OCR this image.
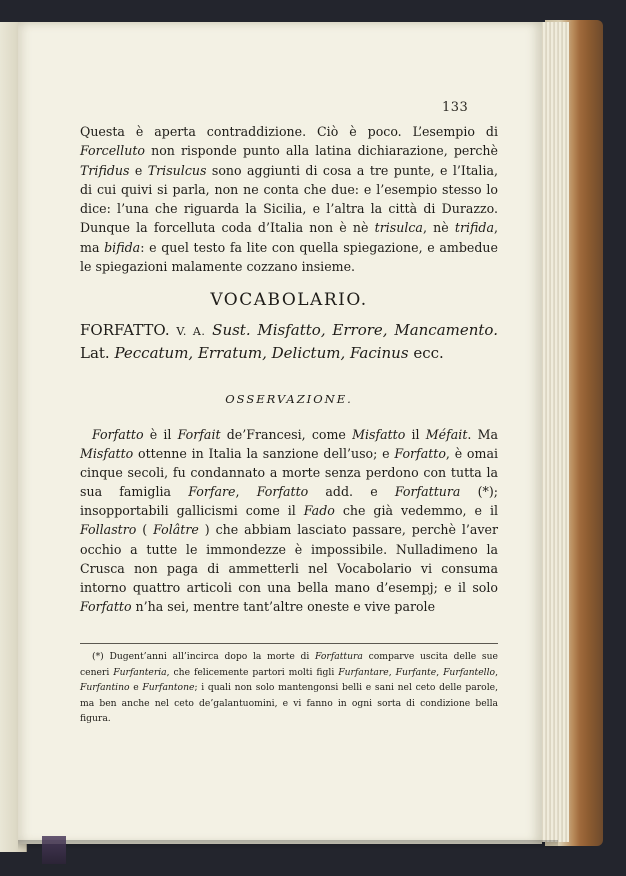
133

Questa è aperta contraddizione. Ciò è poco. L’esempio di Forcelluto non risponde punto alla latina dichiarazione, perchè Trifidus e Trisulcus sono aggiunti di cosa a tre punte, e l’Italia, di cui quivi si parla, non ne conta che due: e l’esempio stesso lo dice: l’una che riguarda la Sicilia, e l’altra la città di Durazzo. Dunque la forcelluta coda d’Italia non è nè trisulca, nè trifida, ma bifida: e quel testo fa lite con quella spiegazione, e ambedue le spiegazioni malamente cozzano insieme.

VOCABOLARIO.

FORFATTO. V. A. Sust. Misfatto, Errore, Mancamento. Lat. Peccatum, Erratum, Delictum, Facinus ecc.

OSSERVAZIONE.

Forfatto è il Forfait de’Francesi, come Misfatto il Méfait. Ma Misfatto ottenne in Italia la sanzione dell’uso; e Forfatto, è omai cinque secoli, fu condannato a morte senza perdono con tutta la sua famiglia Forfare, Forfatto add. e Forfattura (*); insopportabili gallicismi come il Fado che già vedemmo, e il Follastro ( Folâtre ) che abbiam lasciato passare, perchè l’aver occhio a tutte le immondezze è impossibile. Nulladimeno la Crusca non paga di ammetterli nel Vocabolario vi consuma intorno quattro articoli con una bella mano d’esempj; e il solo Forfatto n’ha sei, mentre tant’altre oneste e vive parole

(*) Dugent’anni all’incirca dopo la morte di Forfattura comparve uscita delle sue ceneri Furfanteria, che felicemente partori molti figli Furfantare, Furfante, Furfantello, Furfantino e Furfantone; i quali non solo mantengonsi belli e sani nel ceto delle parole, ma ben anche nel ceto de’galantuomini, e vi fanno in ogni sorta di condizione bella figura.
